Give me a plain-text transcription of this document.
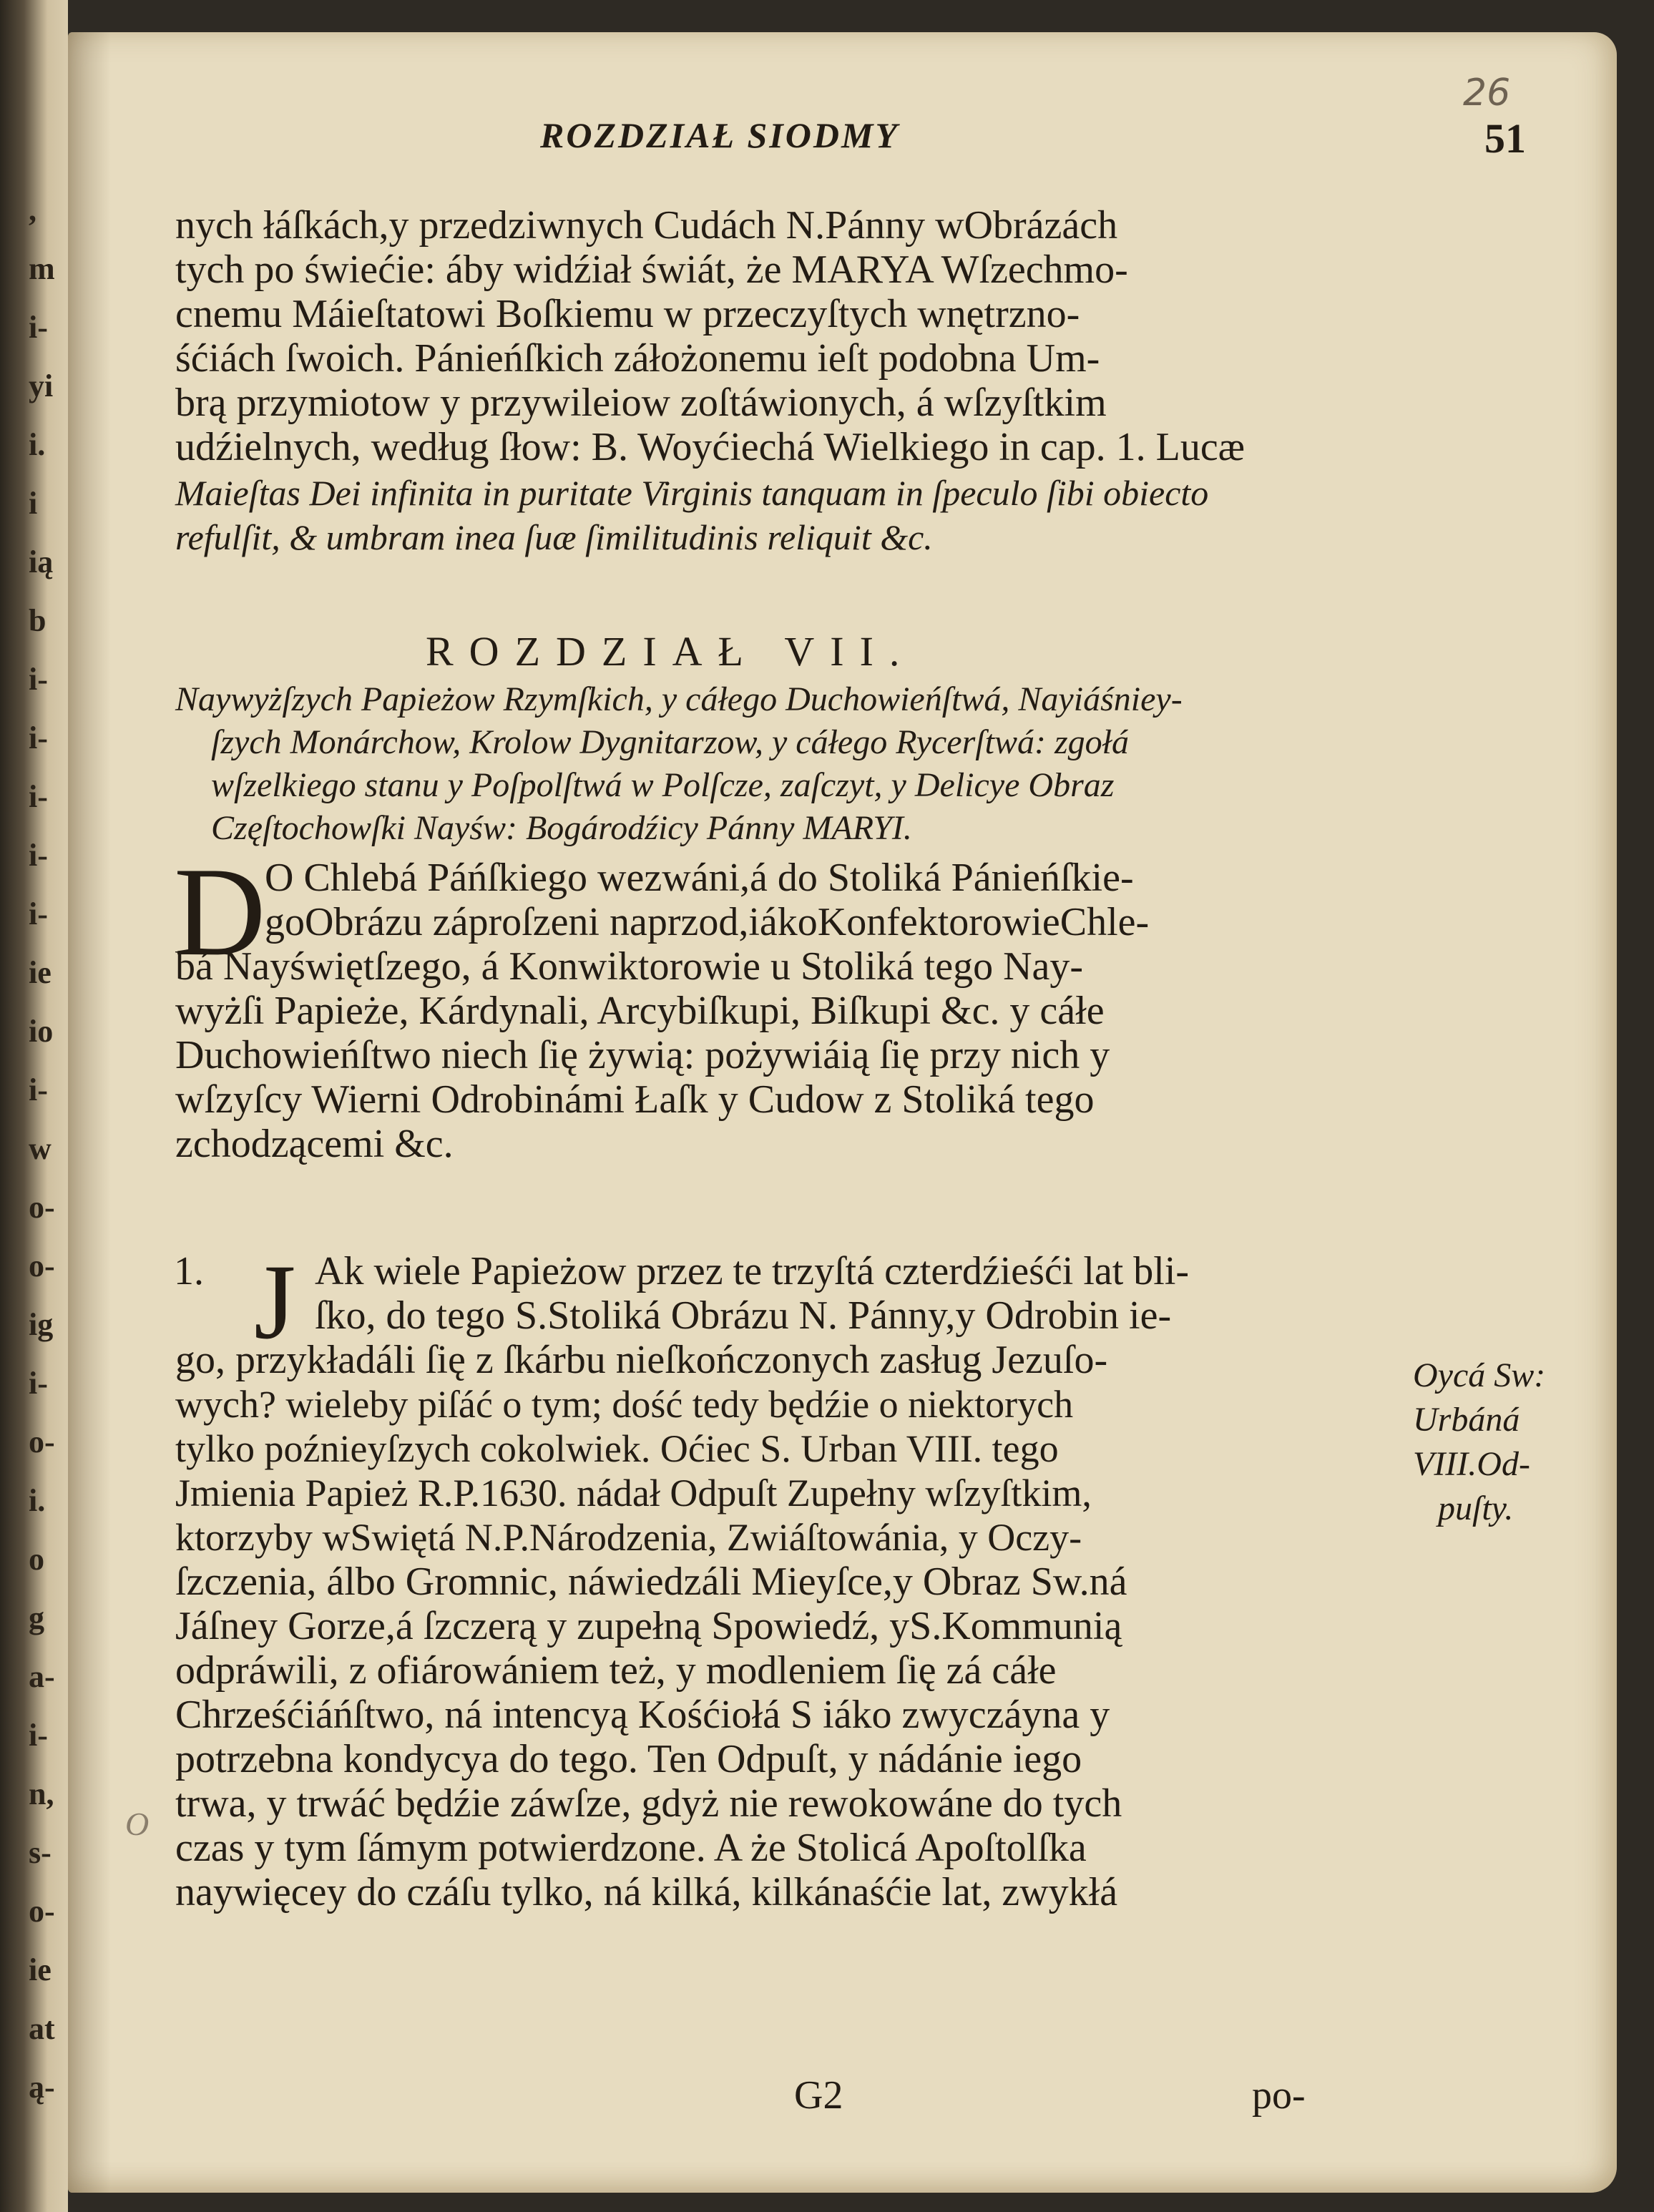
,
m
i-
yi
i.
i
ią
b
i-
i-
i-
i-
i-
ie
io
i-
w
o-
o-
ig
i-
o-
i.
o
g
a-
i-
n,
s-
o-
ie
at
ą-
26
ROZDZIAŁ SIODMY	51
nych łáſkách,y przedziwnych Cudách N.Pánny wObrázách
tych po świećie: áby widźiał świát, że MARYA Wſzechmo-
cnemu Máieſtatowi Boſkiemu w przeczyſtych wnętrzno-
śćiách ſwoich. Pánieńſkich záłożonemu ieſt podobna Um-
brą przymiotow y przywileiow zoſtáwionych, á wſzyſtkim
udźielnych, według ſłow: B. Woyćiechá Wielkiego in cap. 1. Lucæ
Maieſtas Dei infinita in puritate Virginis tanquam in ſpeculo ſibi obiecto
refulſit, & umbram inea ſuæ ſimilitudinis reliquit &c.
ROZDZIAŁ VII.
Naywyżſzych Papieżow Rzymſkich, y cáłego Duchowieńſtwá, Nayiáśniey-
ſzych Monárchow, Krolow Dygnitarzow, y cáłego Rycerſtwá: zgołá
wſzelkiego stanu y Poſpolſtwá w Polſcze, zaſczyt, y Delicye Obraz
Częſtochowſki Nayśw: Bogárodźicy Pánny MARYI.
D
O Chlebá Páńſkiego wezwáni,á do Stoliká Pánieńſkie-
goObrázu záproſzeni naprzod,iákoKonfektorowieChle-
bá Nayświętſzego, á Konwiktorowie u Stoliká tego Nay-
wyżſi Papieże, Kárdynali, Arcybiſkupi, Biſkupi &c. y cáłe
Duchowieńſtwo niech ſię żywią: pożywiáią ſię przy nich y
wſzyſcy Wierni Odrobinámi Łaſk y Cudow z Stoliká tego
zchodzącemi &c.
1. J Ak wiele Papieżow przez te trzyſtá czterdźieśći lat bli-
ſko, do tego S.Stoliká Obrázu N. Pánny,y Odrobin ie-
go, przykładáli ſię z ſkárbu nieſkończonych zasług Jezuſo-
wych? wieleby piſáć o tym; dość tedy będźie o niektorych
tylko poźnieyſzych cokolwiek. Oćiec S. Urban VIII. tego
Jmienia Papież R.P.1630. nádał Odpuſt Zupełny wſzyſtkim,
ktorzyby wSwiętá N.P.Národzenia, Zwiáſtowánia, y Oczy-
ſzczenia, álbo Gromnic, náwiedzáli Mieyſce,y Obraz Sw.ná
Jáſney Gorze,á ſzczerą y zupełną Spowiedź, yS.Kommunią
odpráwili, z ofiárowániem też, y modleniem ſię zá cáłe
Chrześćiáńſtwo, ná intencyą Kośćiołá S iáko zwyczáyna y
potrzebna kondycya do tego. Ten Odpuſt, y nádánie iego
trwa, y trwáć będźie záwſze, gdyż nie rewokowáne do tych
czas y tym ſámym potwierdzone. A że Stolicá Apoſtolſka
naywięcey do czáſu tylko, ná kilká, kilkánaśćie lat, zwykłá
Oycá Sw:
Urbáná
VIII.Od-
puſty.
O
G2	po-
